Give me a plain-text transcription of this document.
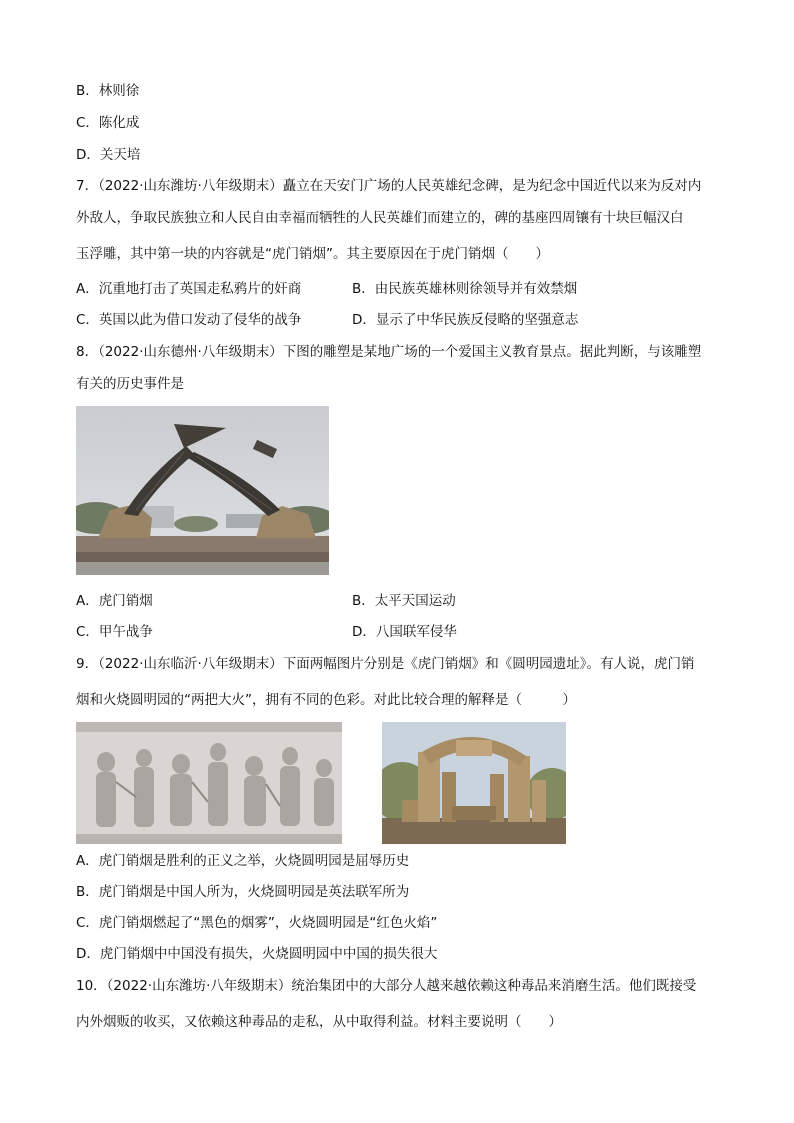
B．林则徐
C．陈化成
D．关天培
7．（2022·山东潍坊·八年级期末）矗立在天安门广场的人民英雄纪念碑，是为纪念中国近代以来为反对内
外敌人，争取民族独立和人民自由幸福而牺牲的人民英雄们而建立的，碑的基座四周镶有十块巨幅汉白
玉浮雕，其中第一块的内容就是“虎门销烟”。其主要原因在于虎门销烟（　　）
A．沉重地打击了英国走私鸦片的奸商	B．由民族英雄林则徐领导并有效禁烟
C．英国以此为借口发动了侵华的战争	D．显示了中华民族反侵略的坚强意志
8．（2022·山东德州·八年级期末）下图的雕塑是某地广场的一个爱国主义教育景点。据此判断，与该雕塑
有关的历史事件是
A．虎门销烟	B．太平天国运动
C．甲午战争	D．八国联军侵华
9．（2022·山东临沂·八年级期末）下面两幅图片分别是《虎门销烟》和《圆明园遗址》。有人说，虎门销
烟和火烧圆明园的“两把大火”，拥有不同的色彩。对此比较合理的解释是（　　　）
A．虎门销烟是胜利的正义之举，火烧圆明园是屈辱历史
B．虎门销烟是中国人所为，火烧圆明园是英法联军所为
C．虎门销烟燃起了“黑色的烟雾”，火烧圆明园是“红色火焰”
D．虎门销烟中中国没有损失，火烧圆明园中中国的损失很大
10．（2022·山东潍坊·八年级期末）统治集团中的大部分人越来越依赖这种毒品来消磨生活。他们既接受
内外烟贩的收买，又依赖这种毒品的走私，从中取得利益。材料主要说明（　　）
